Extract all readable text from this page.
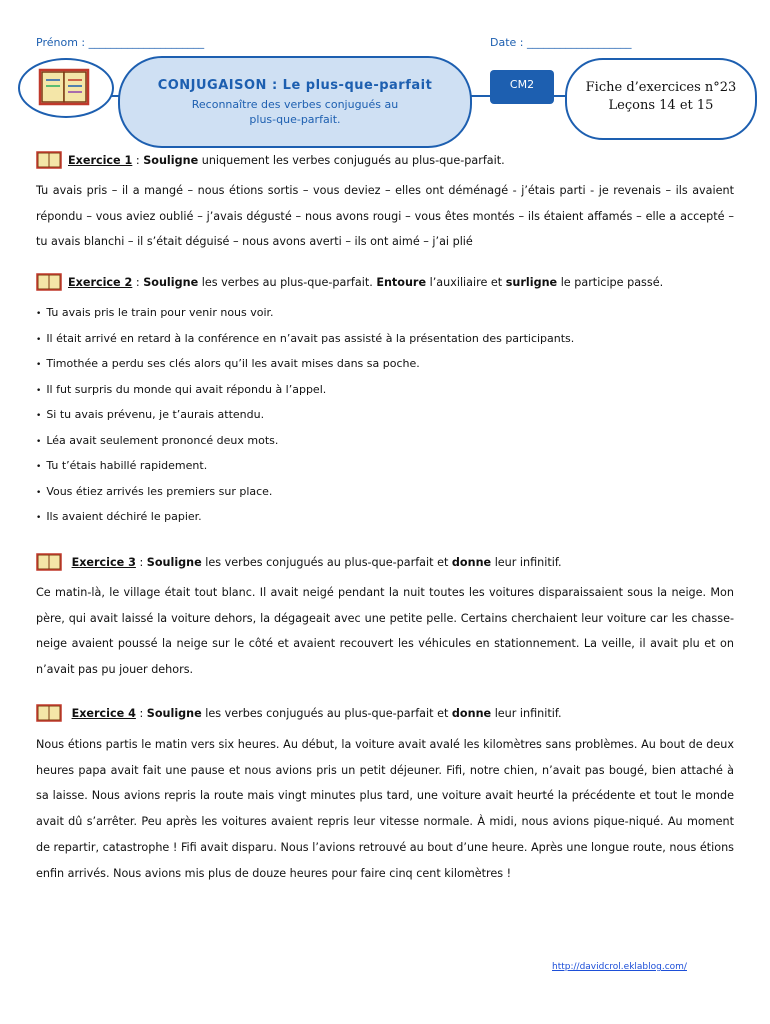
Prénom : _____________________	Date : ___________________
CONJUGAISON : Le plus-que-parfait
Reconnaître des verbes conjugués au
plus-que-parfait.
CM2	Fiche d’exercices n°23
Leçons 14 et 15
Exercice 1 : Souligne
uniquement les verbes conjugués au plus-que-parfait.
Tu avais pris – il a mangé – nous étions sortis – vous deviez – elles ont déménagé - j’étais parti - je revenais – ils avaient répondu – vous aviez oublié – j’avais dégusté – nous avons rougi – vous êtes montés – ils étaient affamés – elle a accepté – tu avais blanchi – il s’était déguisé – nous avons averti – ils ont aimé – j’ai plié
Exercice 2 : Souligne
les verbes au plus-que-parfait.
Entoure
l’auxiliaire et
surligne
le participe passé.
• Tu avais pris le train pour venir nous voir.
• Il était arrivé en retard à la conférence en n’avait pas assisté à la présentation des participants.
• Timothée a perdu ses clés alors qu’il les avait mises dans sa poche.
• Il fut surpris du monde qui avait répondu à l’appel.
• Si tu avais prévenu, je t’aurais attendu.
• Léa avait seulement prononcé deux mots.
• Tu t’étais habillé rapidement.
• Vous étiez arrivés les premiers sur place.
• Ils avaient déchiré le papier.

Exercice 3 : Souligne
les verbes conjugués au plus-que-parfait et
donne
leur infinitif.
Ce matin-là, le village était tout blanc. Il avait neigé pendant la nuit toutes les voitures disparaissaient sous la neige. Mon père, qui avait laissé la voiture dehors, la dégageait avec une petite pelle. Certains cherchaient leur voiture car les chasse-neige avaient poussé la neige sur le côté et avaient recouvert les véhicules en stationnement. La veille, il avait plu et on n’avait pas pu jouer dehors.

Exercice 4 : Souligne
les verbes conjugués au plus-que-parfait et
donne
leur infinitif.
Nous étions partis le matin vers six heures. Au début, la voiture avait avalé les kilomètres sans problèmes. Au bout de deux heures papa avait fait une pause et nous avions pris un petit déjeuner. Fifi, notre chien, n’avait pas bougé, bien attaché à sa laisse. Nous avions repris la route mais vingt minutes plus tard, une voiture avait heurté la précédente et tout le monde avait dû s’arrêter. Peu après les voitures avaient repris leur vitesse normale. À midi, nous avions pique-niqué. Au moment de repartir, catastrophe ! Fifi avait disparu. Nous l’avions retrouvé au bout d’une heure. Après une longue route, nous étions enfin arrivés. Nous avions mis plus de douze heures pour faire cinq cent kilomètres !
http://davidcrol.eklablog.com/
